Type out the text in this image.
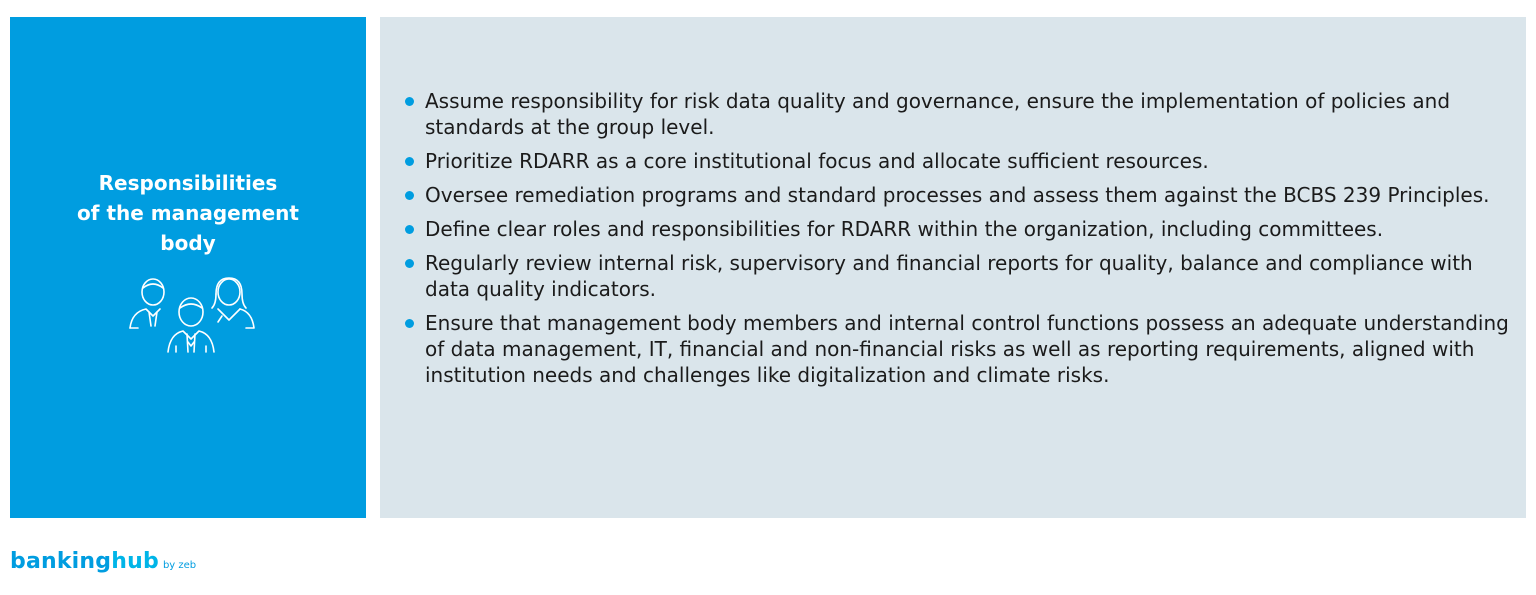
Responsibilities
of the management
body
Assume responsibility for risk data quality and governance, ensure the implementation of policies and standards at the group level.
Prioritize RDARR as a core institutional focus and allocate sufficient resources.
Oversee remediation programs and standard processes and assess them against the BCBS 239 Principles.
Define clear roles and responsibilities for RDARR within the organization, including committees.
Regularly review internal risk, supervisory and financial reports for quality, balance and compliance with data quality indicators.
Ensure that management body members and internal control functions possess an adequate understanding of data management, IT, financial and non-financial risks as well as reporting requirements, aligned with institution needs and challenges like digitalization and climate risks.
bankinghub by zeb
